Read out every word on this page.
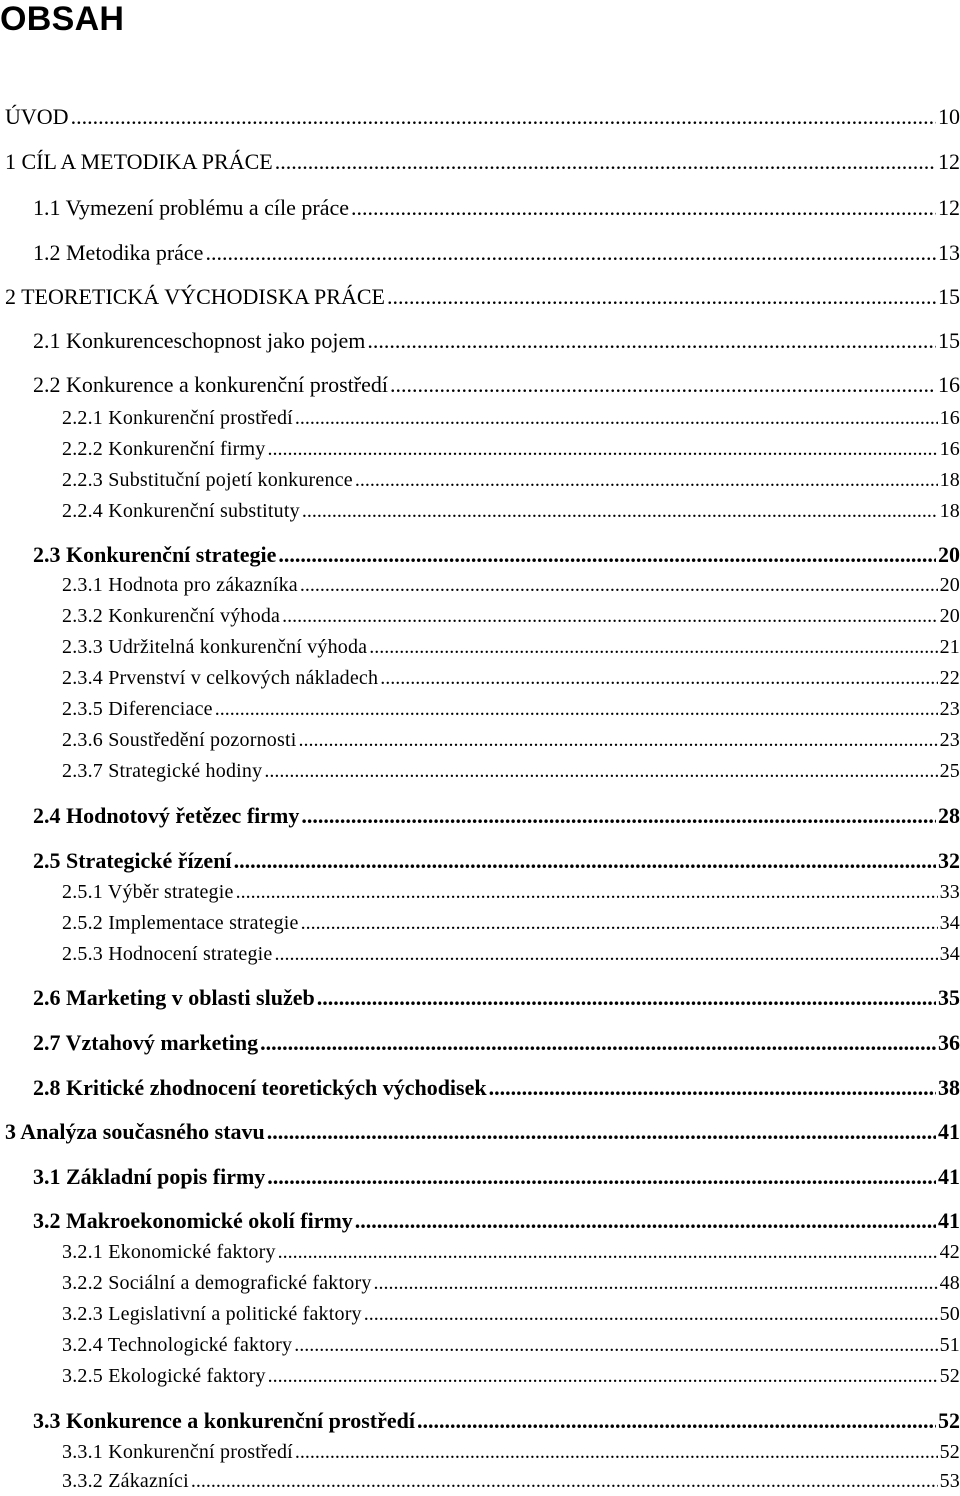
OBSAH
ÚVOD .....	10
1 CÍL A METODIKA PRÁCE .....	12
1.1 Vymezení problému a cíle práce .....	12
1.2 Metodika práce .....	13
2 TEORETICKÁ VÝCHODISKA PRÁCE .....	15
2.1 Konkurenceschopnost jako pojem .....	15
2.2 Konkurence a konkurenční prostředí .....	16
2.2.1 Konkurenční prostředí .....	16
2.2.2 Konkurenční firmy .....	16
2.2.3 Substituční pojetí konkurence .....	18
2.2.4 Konkurenční substituty .....	18
2.3 Konkurenční strategie .....	20
2.3.1 Hodnota pro zákazníka .....	20
2.3.2 Konkurenční výhoda .....	20
2.3.3 Udržitelná konkurenční výhoda .....	21
2.3.4 Prvenství v celkových nákladech .....	22
2.3.5 Diferenciace .....	23
2.3.6 Soustředění pozornosti .....	23
2.3.7 Strategické hodiny .....	25
2.4 Hodnotový řetězec firmy .....	28
2.5 Strategické řízení .....	32
2.5.1 Výběr strategie .....	33
2.5.2 Implementace strategie .....	34
2.5.3 Hodnocení strategie .....	34
2.6 Marketing v oblasti služeb .....	35
2.7 Vztahový marketing .....	36
2.8 Kritické zhodnocení teoretických východisek .....	38
3 Analýza současného stavu .....	41
3.1 Základní popis firmy .....	41
3.2 Makroekonomické okolí firmy .....	41
3.2.1 Ekonomické faktory .....	42
3.2.2 Sociální a demografické faktory .....	48
3.2.3 Legislativní a politické faktory .....	50
3.2.4 Technologické faktory .....	51
3.2.5 Ekologické faktory .....	52
3.3 Konkurence a konkurenční prostředí .....	52
3.3.1 Konkurenční prostředí .....	52
3.3.2 Zákazníci .....	53
